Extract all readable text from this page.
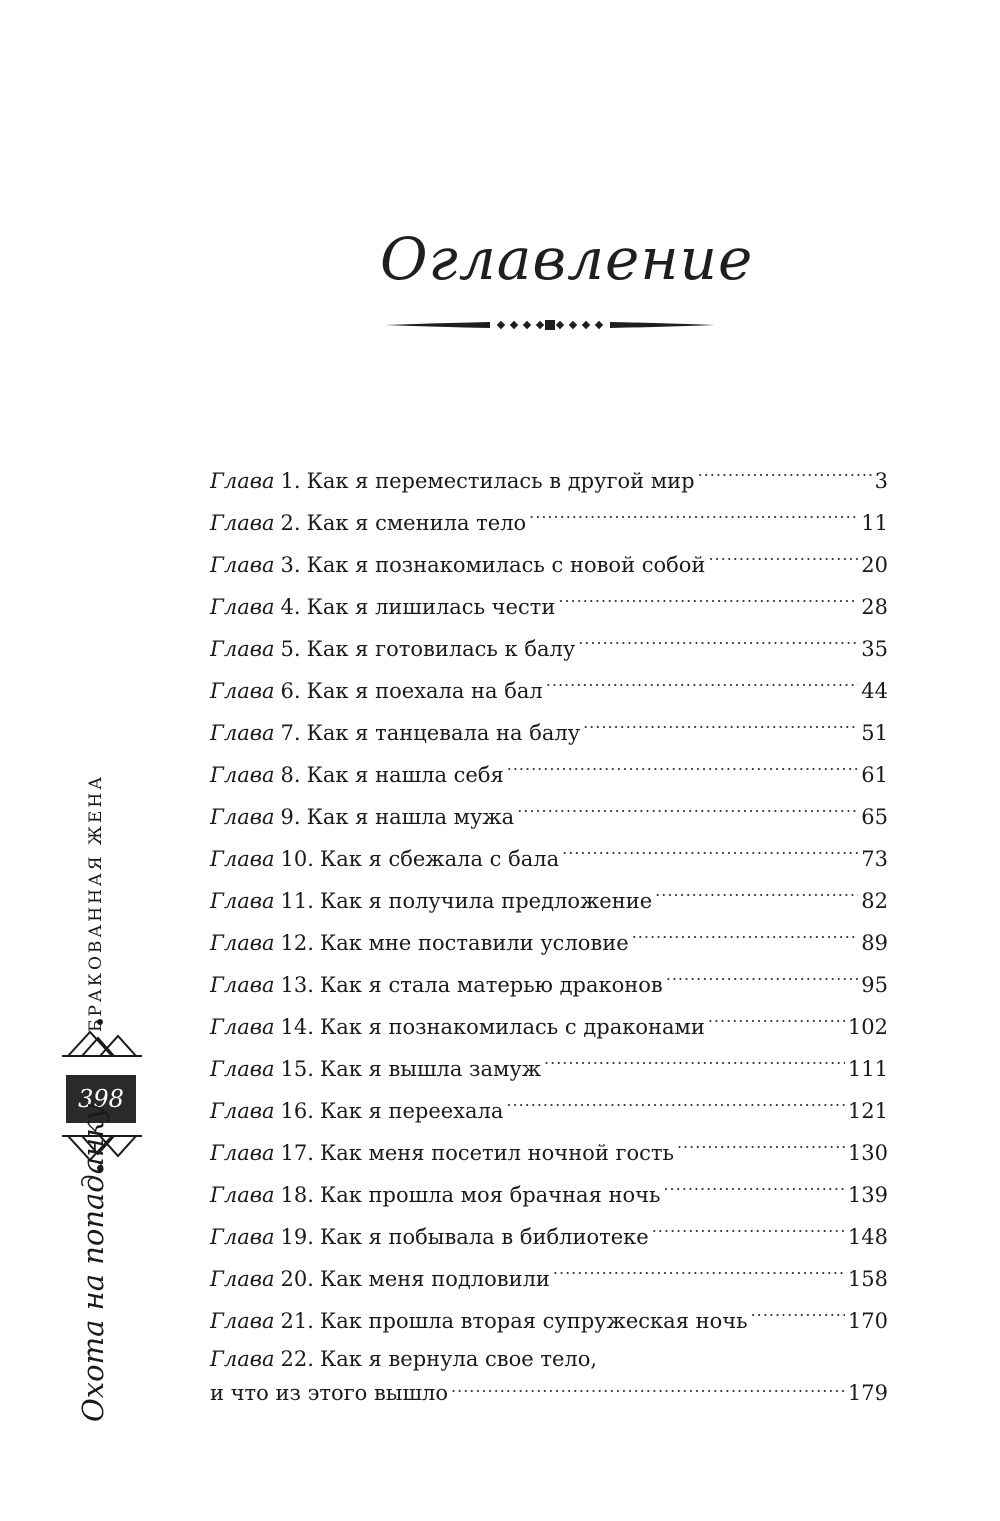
Оглавление
Глава 1. Как я переместилась в другой мир .....	3
Глава 2. Как я сменила тело .....	11
Глава 3. Как я познакомилась с новой собой .....	20
Глава 4. Как я лишилась чести .....	28
Глава 5. Как я готовилась к балу .....	35
Глава 6. Как я поехала на бал .....	44
Глава 7. Как я танцевала на балу .....	51
Глава 8. Как я нашла себя .....	61
Глава 9. Как я нашла мужа .....	65
Глава 10. Как я сбежала с бала .....	73
Глава 11. Как я получила предложение .....	82
Глава 12. Как мне поставили условие .....	89
Глава 13. Как я стала матерью драконов .....	95
Глава 14. Как я познакомилась с драконами .....	102
Глава 15. Как я вышла замуж .....	111
Глава 16. Как я переехала .....	121
Глава 17. Как меня посетил ночной гость .....	130
Глава 18. Как прошла моя брачная ночь .....	139
Глава 19. Как я побывала в библиотеке .....	148
Глава 20. Как меня подловили .....	158
Глава 21. Как прошла вторая супружеская ночь .....	170
Глава 22. Как я вернула свое тело,
и что из этого вышло .....	179
БРАКОВАННАЯ ЖЕНА
398
Охота на попаданку
